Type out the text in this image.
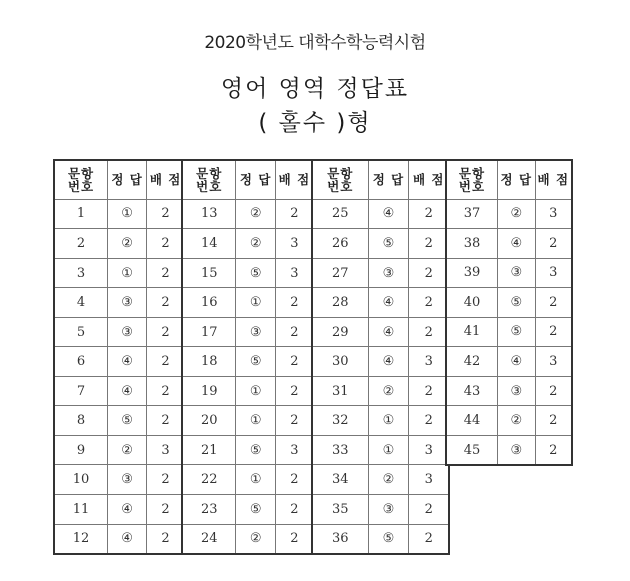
2020학년도 대학수학능력시험
영어 영역 정답표
( 홀수 )형
문항
번호	정 답	배 점
1	①	2
2	②	2
3	①	2
4	③	2
5	③	2
6	④	2
7	④	2
8	⑤	2
9	②	3
10	③	2
11	④	2
12	④	2
문항
번호	정 답	배 점
13	②	2
14	②	3
15	⑤	3
16	①	2
17	③	2
18	⑤	2
19	①	2
20	①	2
21	⑤	3
22	①	2
23	⑤	2
24	②	2
문항
번호	정 답	배 점
25	④	2
26	⑤	2
27	③	2
28	④	2
29	④	2
30	④	3
31	②	2
32	①	2
33	①	3
34	②	3
35	③	2
36	⑤	2
문항
번호	정 답	배 점
37	②	3
38	④	2
39	③	3
40	⑤	2
41	⑤	2
42	④	3
43	③	2
44	②	2
45	③	2
